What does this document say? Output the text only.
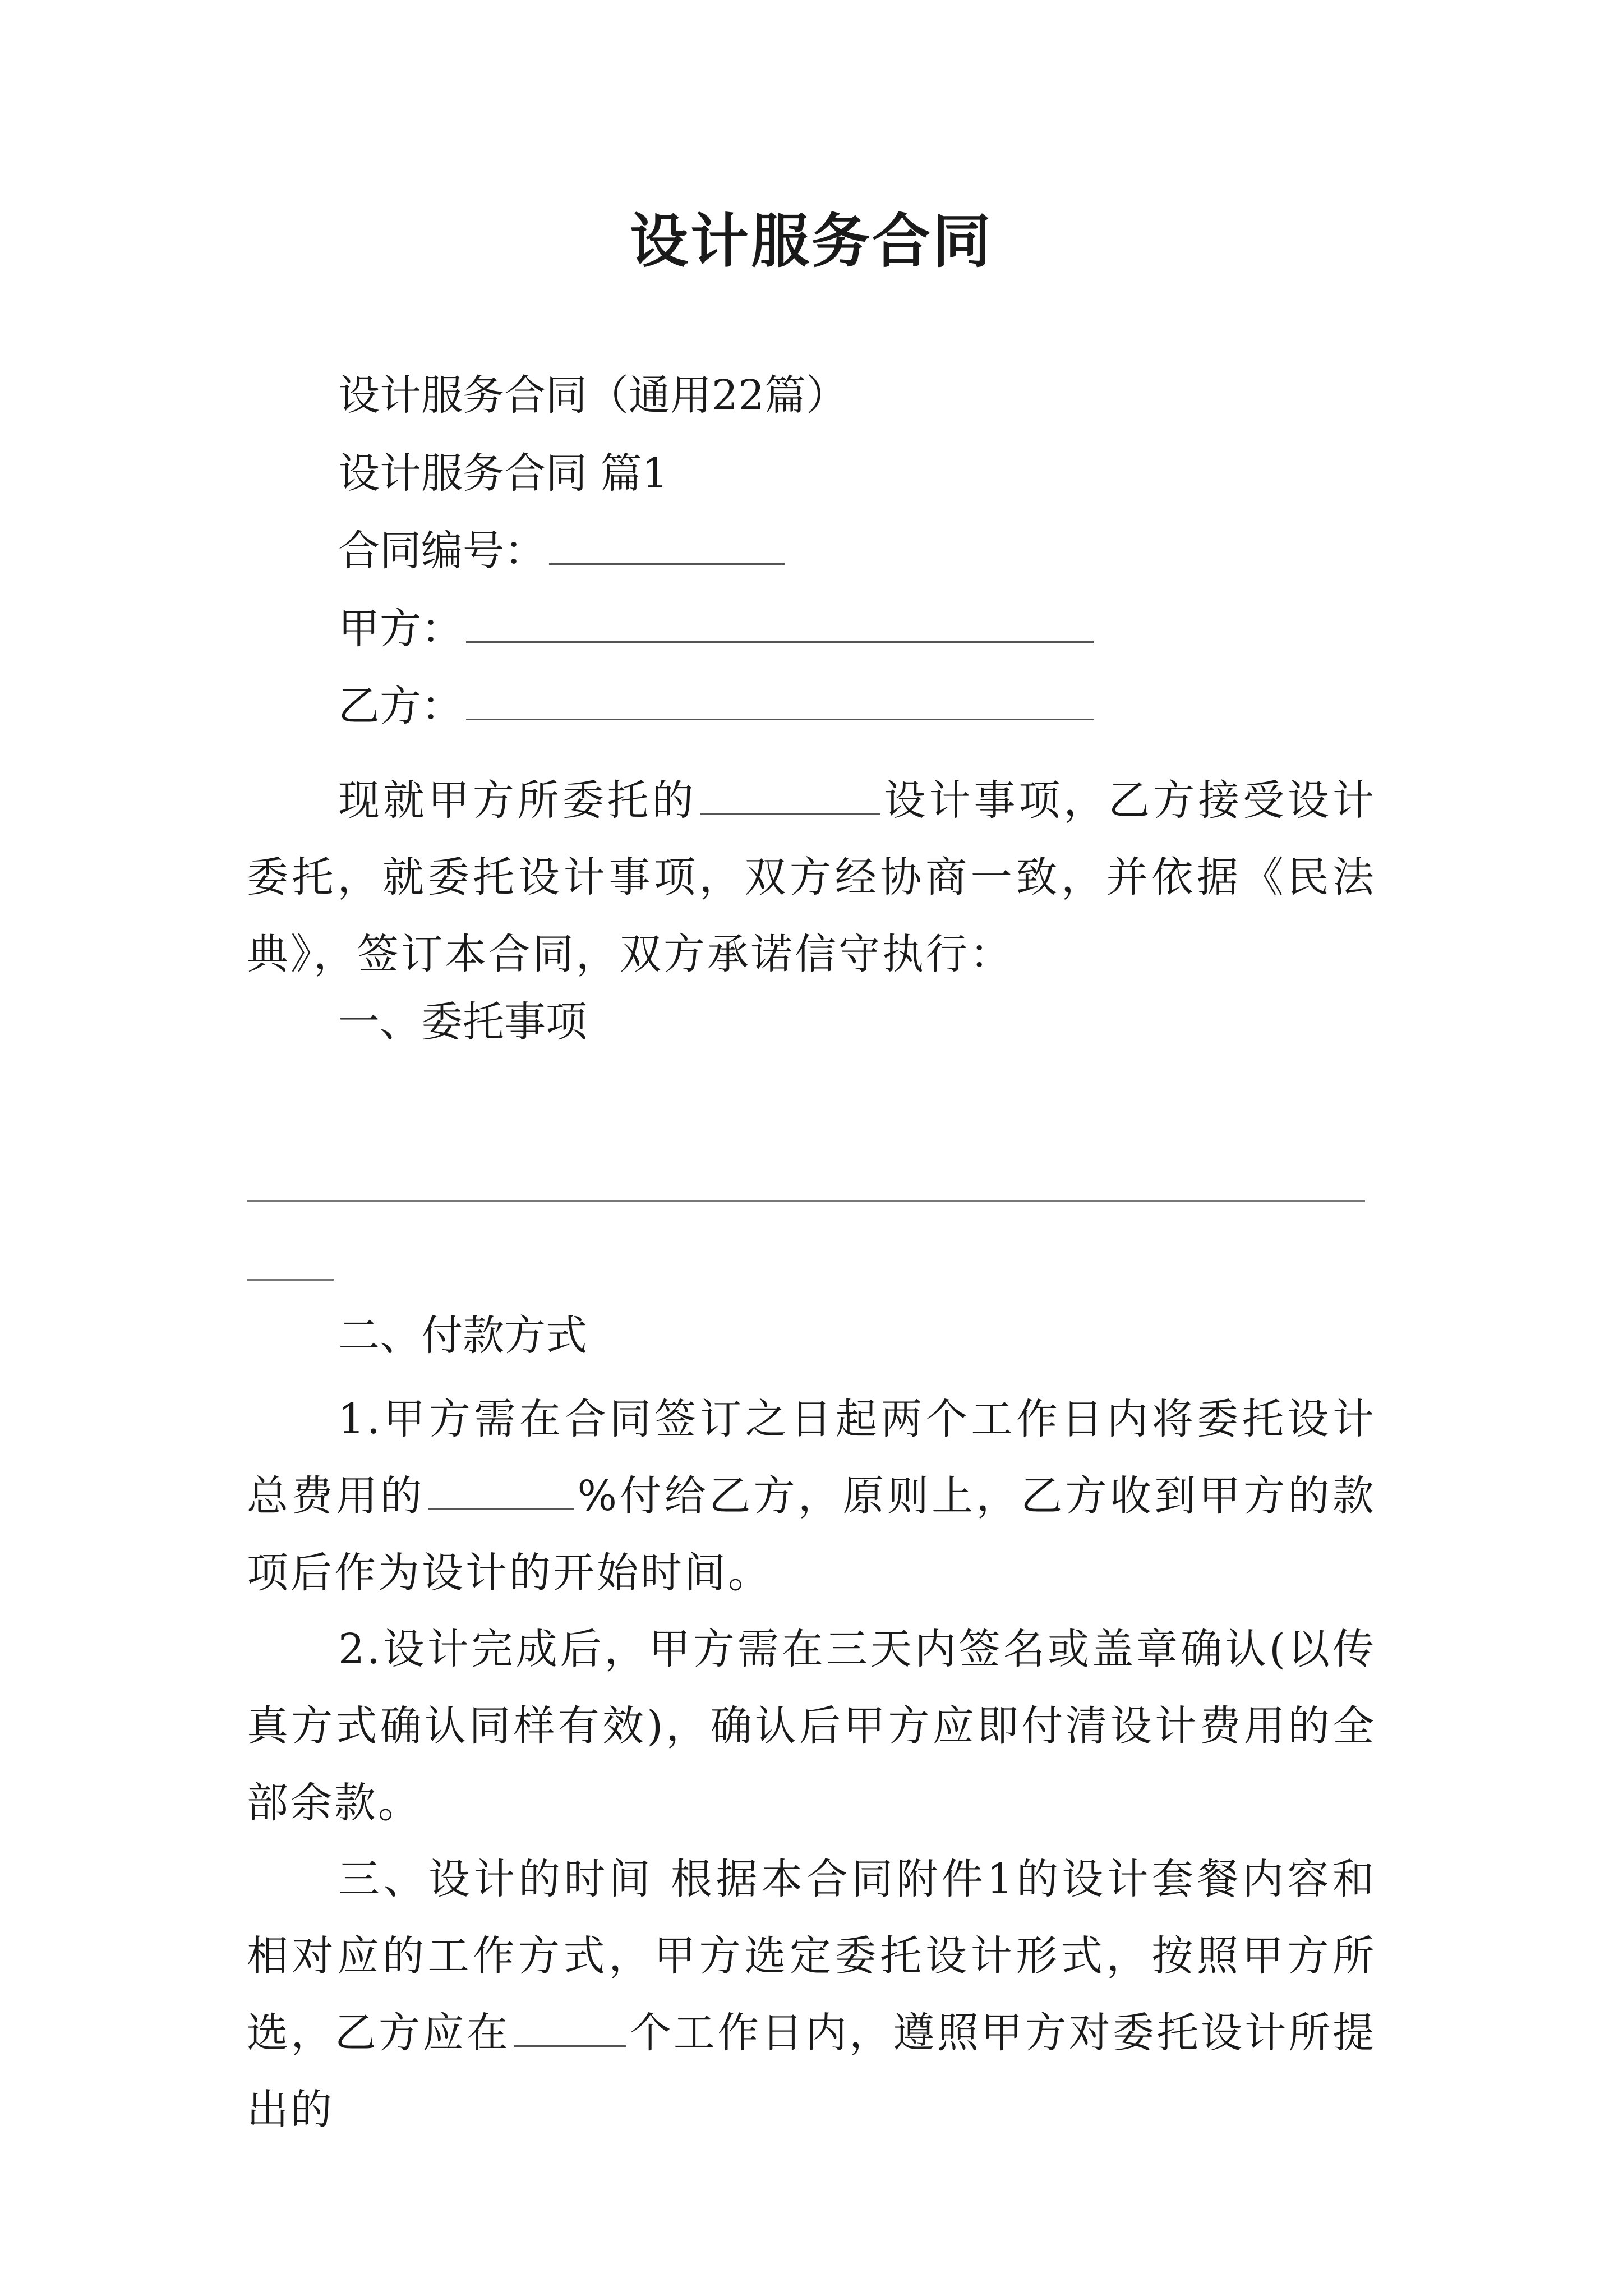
设计服务合同
设计服务合同（通用22篇）
设计服务合同 篇1
合同编号：
甲方：
乙方：
现就甲方所委托的	设计事项，乙方接受设计委托，就委托设计事项，双方经协商一致，并依据《民法典》，签订本合同，双方承诺信守执行：
一、委托事项
二、付款方式
1.甲方需在合同签订之日起两个工作日内将委托设计总费用的	%付给乙方，原则上，乙方收到甲方的款项后作为设计的开始时间。
2.设计完成后，甲方需在三天内签名或盖章确认(以传真方式确认同样有效)，确认后甲方应即付清设计费用的全部余款。
三、设计的时间 根据本合同附件1的设计套餐内容和相对应的工作方式，甲方选定委托设计形式，按照甲方所选，乙方应在	个工作日内，遵照甲方对委托设计所提出的
